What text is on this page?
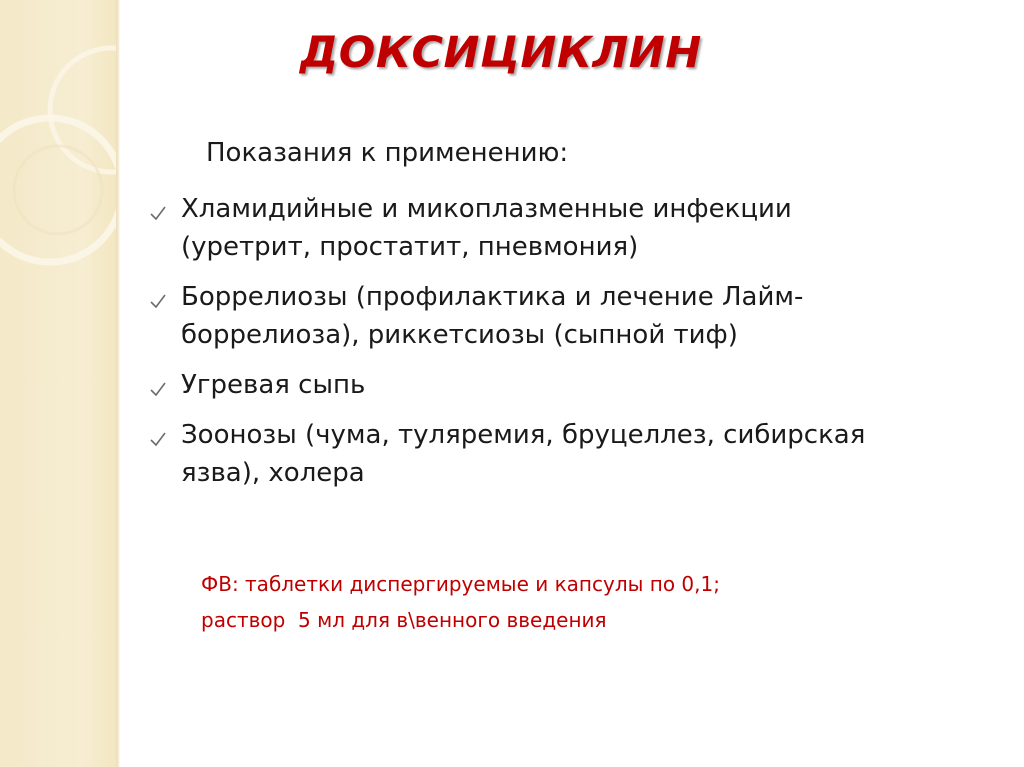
ДОКСИЦИКЛИН
Показания к применению:
Хламидийные и микоплазменные инфекции (уретрит, простатит, пневмония)
Боррелиозы (профилактика и лечение Лайм-боррелиоза), риккетсиозы (сыпной тиф)
Угревая сыпь
Зоонозы (чума, туляремия, бруцеллез, сибирская язва), холера
ФВ: таблетки диспергируемые и капсулы по 0,1;
раствор  5 мл для в\венного введения
